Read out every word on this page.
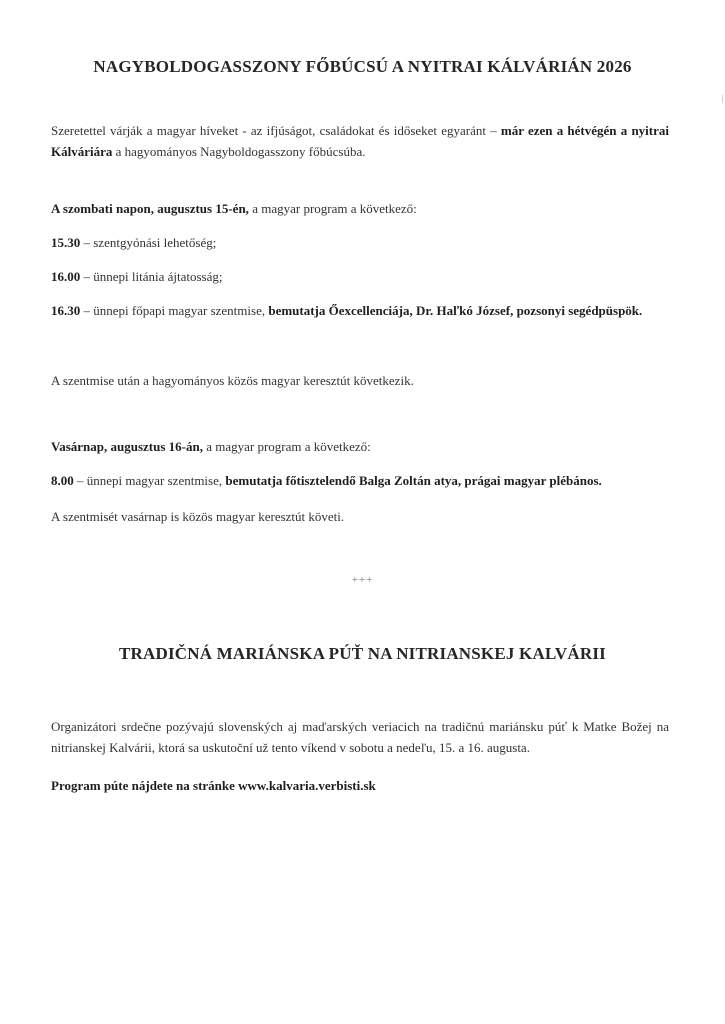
NAGYBOLDOGASSZONY FŐBÚCSÚ A NYITRAI KÁLVÁRIÁN 2026

Szeretettel várják a magyar híveket - az ifjúságot, családokat és időseket egyaránt – már ezen a hétvégén a nyitrai Kálváriára a hagyományos Nagyboldogasszony főbúcsúba.

A szombati napon, augusztus 15-én, a magyar program a következő:

15.30 – szentgyónási lehetőség;

16.00 – ünnepi litánia ájtatosság;

16.30 – ünnepi főpapi magyar szentmise, bemutatja Őexcellenciája, Dr. Haľkó József, pozsonyi segédpüspök.

A szentmise után a hagyományos közös magyar keresztút következik.

Vasárnap, augusztus 16-án, a magyar program a következő:

8.00 – ünnepi magyar szentmise, bemutatja főtisztelendő Balga Zoltán atya, prágai magyar plébános.

A szentmisét vasárnap is közös magyar keresztút követi.

+++
TRADIČNÁ MARIÁNSKA PÚŤ NA NITRIANSKEJ KALVÁRII

Organizátori srdečne pozývajú slovenských aj maďarských veriacich na tradičnú mariánsku púť k Matke Božej na nitrianskej Kalvárii, ktorá sa uskutoční už tento víkend v sobotu a nedeľu, 15. a 16. augusta.

Program púte nájdete na stránke www.kalvaria.verbisti.sk
